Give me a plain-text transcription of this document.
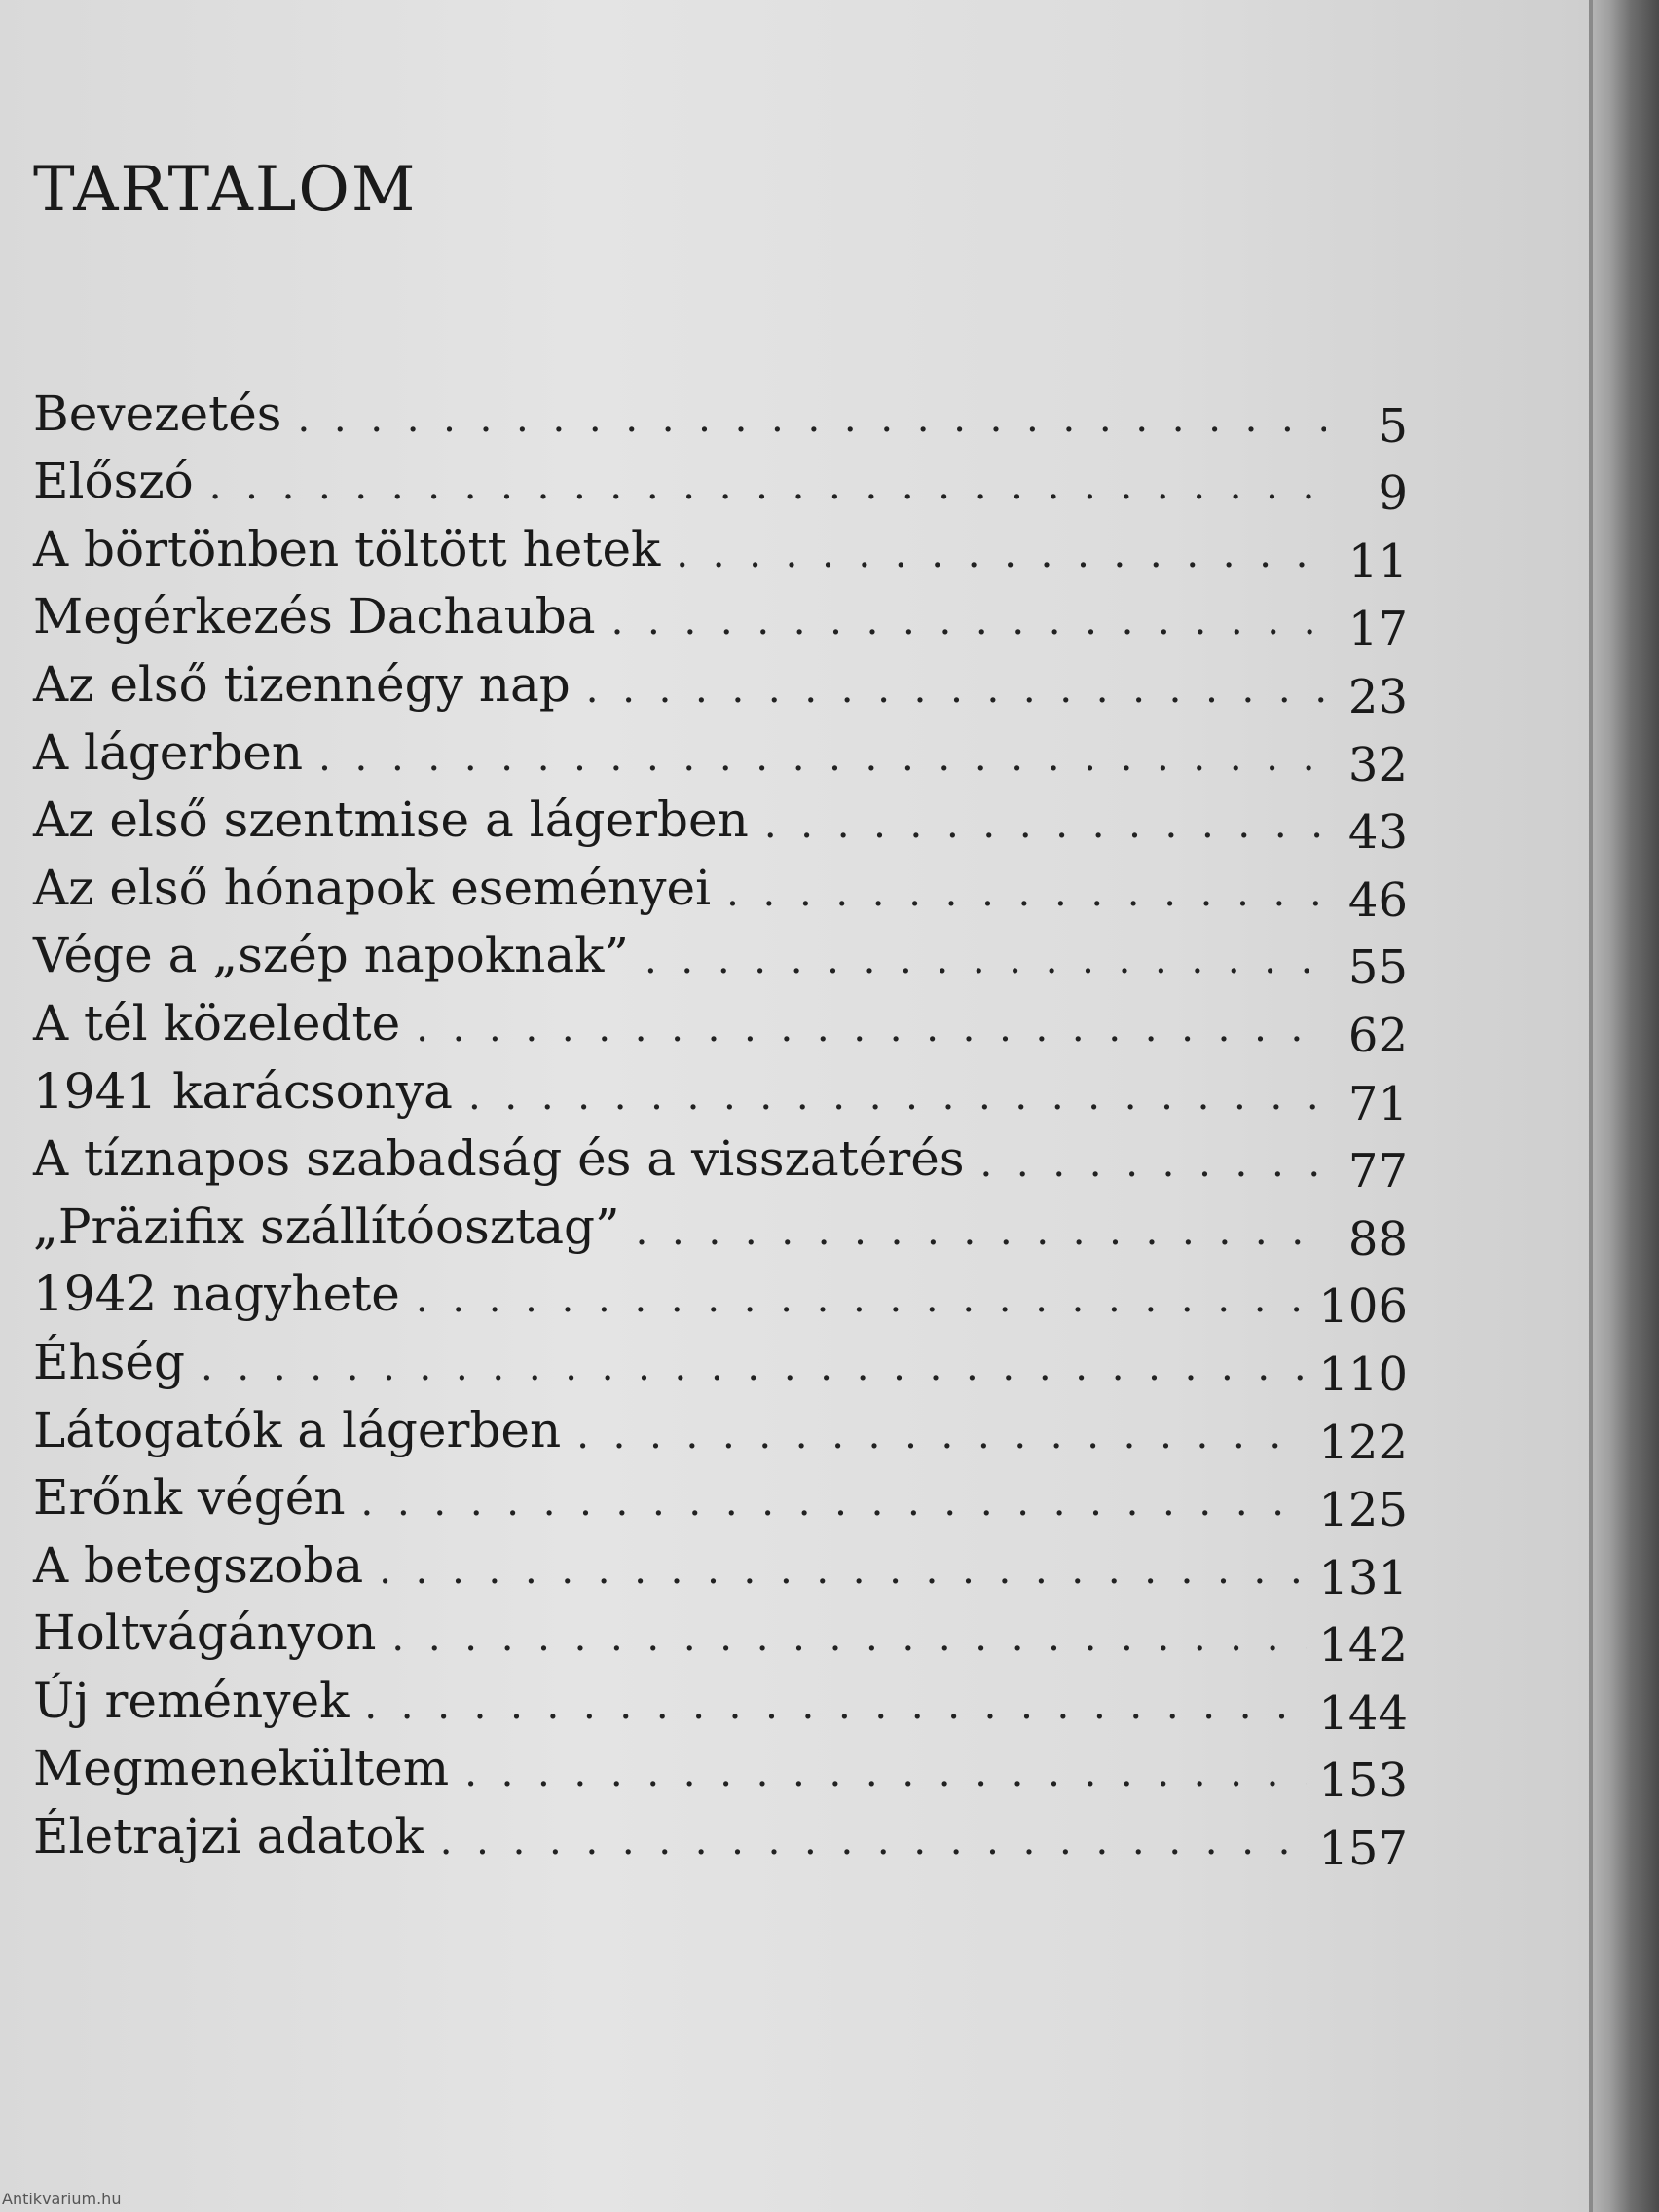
TARTALOM
Bevezetés . . .	5
Előszó . . .	9
A börtönben töltött hetek . . .	11
Megérkezés Dachauba . . .	17
Az első tizennégy nap . . .	23
A lágerben . . .	32
Az első szentmise a lágerben . . .	43
Az első hónapok eseményei . . .	46
Vége a „szép napoknak” . . .	55
A tél közeledte . . .	62
1941 karácsonya . . .	71
A tíznapos szabadság és a visszatérés . . .	77
„Präzifix szállítóosztag” . . .	88
1942 nagyhete . . .	106
Éhség . . .	110
Látogatók a lágerben . . .	122
Erőnk végén . . .	125
A betegszoba . . .	131
Holtvágányon . . .	142
Új remények . . .	144
Megmenekültem . . .	153
Életrajzi adatok . . .	157
Antikvarium.hu
